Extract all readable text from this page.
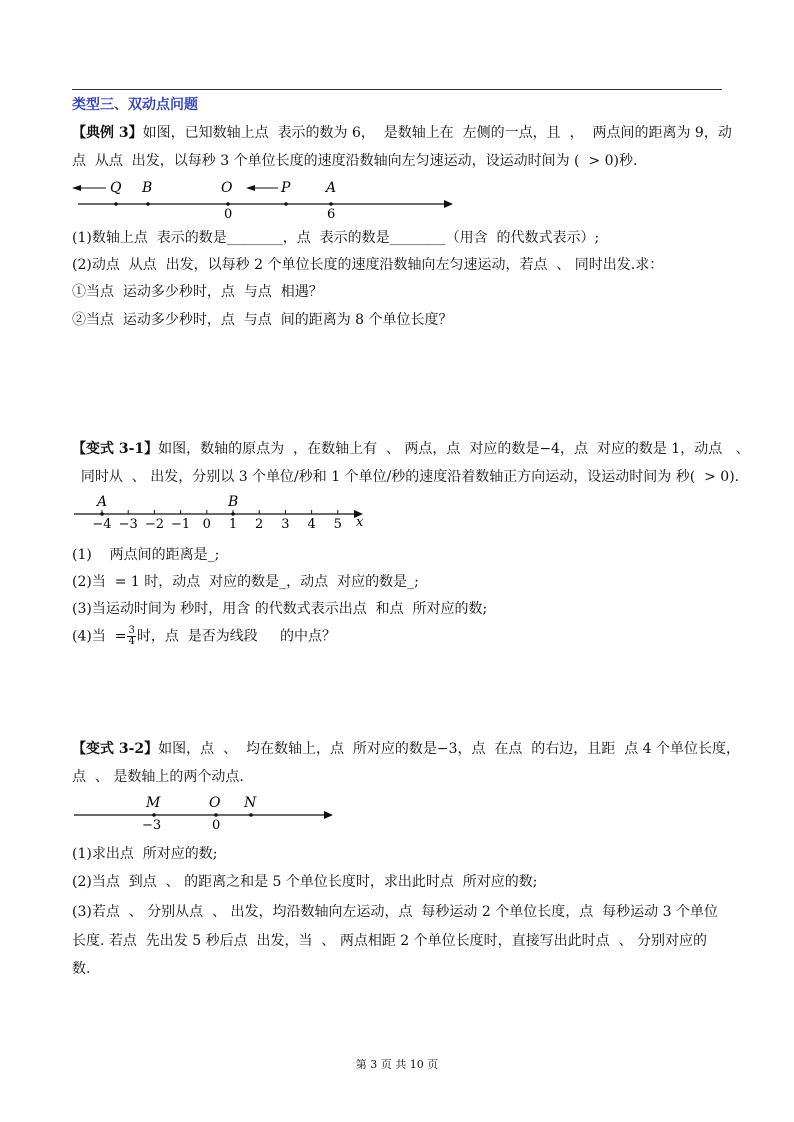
类型三、双动点问题
【典例 3】如图，已知数轴上点  表示的数为 6，  是数轴上在  左侧的一点，且  ，  两点间的距离为 9，动
点  从点  出发，以每秒 3 个单位长度的速度沿数轴向左匀速运动，设运动时间为 (  > 0)秒.
Q B	O	P	A
0	6
(1)数轴上点  表示的数是________，点  表示的数是________（用含  的代数式表示）;
(2)动点  从点  出发，以每秒 2 个单位长度的速度沿数轴向左匀速运动，若点  、 同时出发.求：
①当点  运动多少秒时，点  与点  相遇？
②当点  运动多少秒时，点  与点  间的距离为 8 个单位长度？
【变式 3-1】如图，数轴的原点为  ，在数轴上有  、 两点，点  对应的数是−4，点  对应的数是 1，动点   、
同时从  、 出发，分别以 3 个单位/秒和 1 个单位/秒的速度沿着数轴正方向运动，设运动时间为 秒(  > 0).
−4 −3 −2 −1 0 1 2 3 4 5
A	B
x
(1)    两点间的距离是_;
(2)当  = 1 时，动点  对应的数是_，动点  对应的数是_;
(3)当运动时间为 秒时，用含 的代数式表示出点  和点  所对应的数;
(4)当  = $\frac{3}{4}$ 时，点  是否为线段     的中点？
【变式 3-2】如图，点  、  均在数轴上，点  所对应的数是−3，点  在点  的右边，且距  点 4 个单位长度，
点  、 是数轴上的两个动点.
M	O N
−3	0
(1)求出点  所对应的数;
(2)当点  到点  、 的距离之和是 5 个单位长度时，求出此时点  所对应的数;
(3)若点  、 分别从点  、 出发，均沿数轴向左运动，点  每秒运动 2 个单位长度，点  每秒运动 3 个单位
长度. 若点  先出发 5 秒后点  出发，当  、 两点相距 2 个单位长度时，直接写出此时点  、 分别对应的
数.
第 3 页 共 10 页
